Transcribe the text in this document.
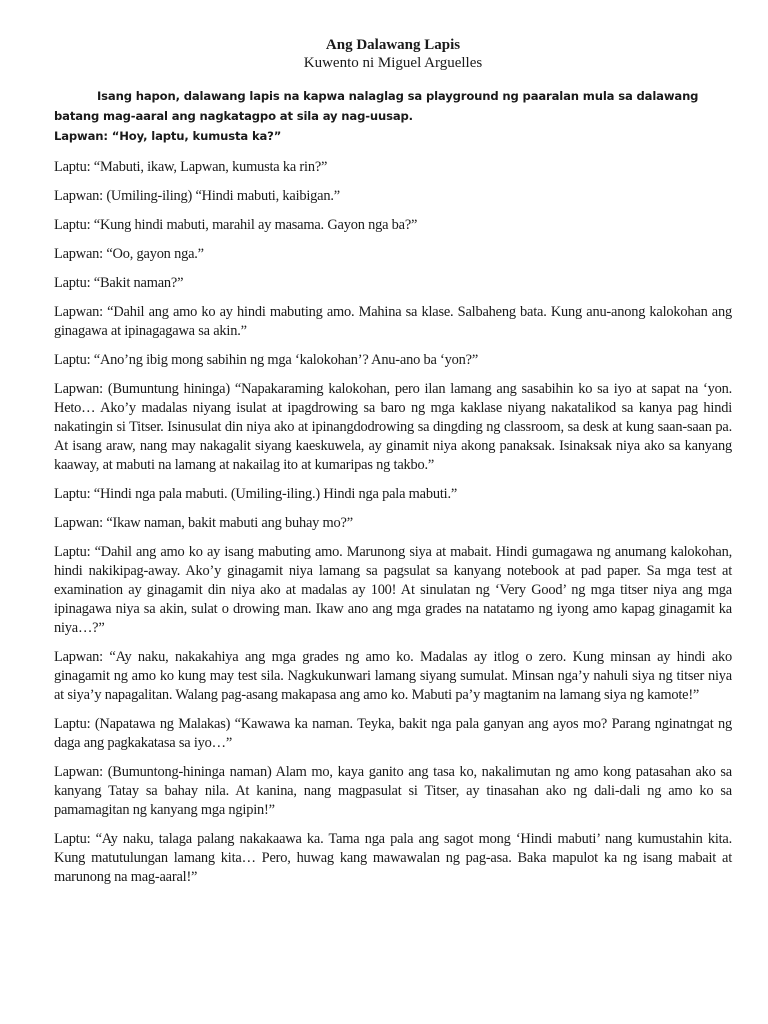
Ang Dalawang Lapis
Kuwento ni Miguel Arguelles

Isang hapon, dalawang lapis na kapwa nalaglag sa playground ng paaralan mula sa dalawang batang mag-aaral ang nagkatagpo at sila ay nag-uusap.

Lapwan: “Hoy, laptu, kumusta ka?”

Laptu: “Mabuti, ikaw, Lapwan, kumusta ka rin?”

Lapwan: (Umiling-iling) “Hindi mabuti, kaibigan.”

Laptu: “Kung hindi mabuti, marahil ay masama. Gayon nga ba?”

Lapwan: “Oo, gayon nga.”

Laptu: “Bakit naman?”

Lapwan: “Dahil ang amo ko ay hindi mabuting amo. Mahina sa klase. Salbaheng bata. Kung anu-anong kalokohan ang ginagawa at ipinagagawa sa akin.”

Laptu: “Ano’ng ibig mong sabihin ng mga ‘kalokohan’? Anu-ano ba ‘yon?”

Lapwan: (Bumuntung hininga) “Napakaraming kalokohan, pero ilan lamang ang sasabihin ko sa iyo at sapat na ‘yon. Heto… Ako’y madalas niyang isulat at ipagdrowing sa baro ng mga kaklase niyang nakatalikod sa kanya pag hindi nakatingin si Titser. Isinusulat din niya ako at ipinangdodrowing sa dingding ng classroom, sa desk at kung saan-saan pa. At isang araw, nang may nakagalit siyang kaeskuwela, ay ginamit niya akong panaksak. Isinaksak niya ako sa kanyang kaaway, at mabuti na lamang at nakailag ito at kumaripas ng takbo.”

Laptu: “Hindi nga pala mabuti. (Umiling-iling.) Hindi nga pala mabuti.”

Lapwan: “Ikaw naman, bakit mabuti ang buhay mo?”

Laptu: “Dahil ang amo ko ay isang mabuting amo. Marunong siya at mabait. Hindi gumagawa ng anumang kalokohan, hindi nakikipag-away. Ako’y ginagamit niya lamang sa pagsulat sa kanyang notebook at pad paper. Sa mga test at examination ay ginagamit din niya ako at madalas ay 100! At sinulatan ng ‘Very Good’ ng mga titser niya ang mga ipinagawa niya sa akin, sulat o drowing man. Ikaw ano ang mga grades na natatamo ng iyong amo kapag ginagamit ka niya…?”

Lapwan: “Ay naku, nakakahiya ang mga grades ng amo ko. Madalas ay itlog o zero. Kung minsan ay hindi ako ginagamit ng amo ko kung may test sila. Nagkukunwari lamang siyang sumulat. Minsan nga’y nahuli siya ng titser niya at siya’y napagalitan. Walang pag-asang makapasa ang amo ko. Mabuti pa’y magtanim na lamang siya ng kamote!”

Laptu: (Napatawa ng Malakas) “Kawawa ka naman. Teyka, bakit nga pala ganyan ang ayos mo? Parang nginatngat ng daga ang pagkakatasa sa iyo…”

Lapwan: (Bumuntong-hininga naman) Alam mo, kaya ganito ang tasa ko, nakalimutan ng amo kong patasahan ako sa kanyang Tatay sa bahay nila. At kanina, nang magpasulat si Titser, ay tinasahan ako ng dali-dali ng amo ko sa pamamagitan ng kanyang mga ngipin!”

Laptu: “Ay naku, talaga palang nakakaawa ka. Tama nga pala ang sagot mong ‘Hindi mabuti’ nang kumustahin kita. Kung matutulungan lamang kita… Pero, huwag kang mawawalan ng pag-asa. Baka mapulot ka ng isang mabait at marunong na mag-aaral!”
